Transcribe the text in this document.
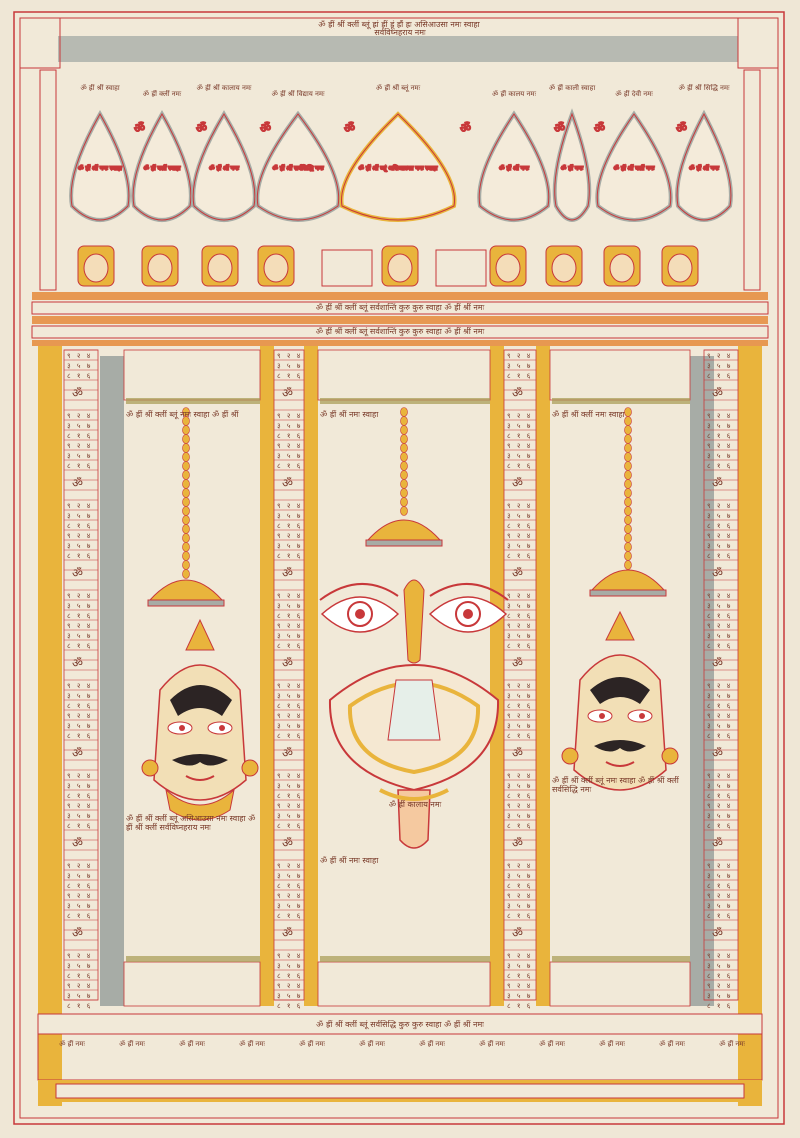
ॐ
ॐ ह्रीं श्रीं नमः स्वाहा
ॐ
ॐ ह्रीं क्लीं स्वाहा
ॐ
ॐ ह्रीं श्रीं नमः
ॐ
ॐ ह्रीं श्रीं सर्वसिद्धि नमः
ॐ
ॐ ह्रीं श्रीं ब्लूं असिआउसा नमः स्वाहा
ॐ
ॐ ह्रीं श्रीं नमः
ॐ
ॐ ह्रीं नमः
ॐ
ॐ ह्रीं श्रीं क्लीं नमः	ॐ ह्रीं श्रीं नमः
ॐ ह्रीं श्रीं क्लीं ब्लूं ह्रां ह्रीं ह्रूं ह्रौं ह्रः असिआउसा नमः स्वाहा
सर्वविघ्नहराय नमः
ॐ ह्रीं श्रीं स्वाहा
ॐ ह्रीं क्लीं नमः
ॐ ह्रीं श्रीं कालाय नमः
ॐ ह्रीं श्रीं विद्याय नमः
ॐ ह्रीं श्रीं ब्लूं नमः
ॐ ह्रीं कालय नमः
ॐ ह्रीं काली स्वाहा
ॐ ह्रीं देवी नमः
ॐ ह्रीं श्रीं सिद्धि नमः
ॐ ह्रीं श्रीं क्लीं ब्लूं सर्वशान्तिं कुरु कुरु स्वाहा ॐ ह्रीं श्रीं नमः
ॐ ह्रीं श्रीं क्लीं ब्लूं सर्वशान्तिं कुरु कुरु स्वाहा ॐ ह्रीं श्रीं नमः
ॐ ह्रीं श्रीं क्लीं ब्लूं नमः स्वाहा ॐ ह्रीं श्रीं
ॐ ह्रीं श्रीं क्लीं ब्लूं असिआउसा नमः स्वाहा ॐ ह्रीं श्रीं क्लीं सर्वविघ्नहराय नमः
ॐ ह्रीं श्रीं नमः स्वाहा
ॐ ह्रीं कालाय नमः
ॐ ह्रीं श्रीं नमः स्वाहा
ॐ ह्रीं श्रीं क्लीं नमः स्वाहा
ॐ ह्रीं श्रीं क्लीं ब्लूं नमः स्वाहा ॐ ह्रीं श्रीं क्लीं सर्वसिद्धि नमः
ॐ ह्रीं श्रीं क्लीं ब्लूं सर्वसिद्धि कुरु कुरु स्वाहा ॐ ह्रीं श्रीं नमः
ॐ ह्रीं नमः	ॐ ह्रीं नमः	ॐ ह्रीं नमः	ॐ ह्रीं नमः	ॐ ह्रीं नमः	ॐ ह्रीं नमः	ॐ ह्रीं नमः	ॐ ह्रीं नमः	ॐ ह्रीं नमः	ॐ ह्रीं नमः	ॐ ह्रीं नमः	ॐ ह्रीं नमः
९ २ ४
३ ५ ७
८ १ ६
ॐ
९ २ ४
३ ५ ७
८ १ ६
९ २ ४
३ ५ ७
८ १ ६
ॐ
९ २ ४
३ ५ ७
८ १ ६
९ २ ४
३ ५ ७
८ १ ६
ॐ
९ २ ४
३ ५ ७
८ १ ६
९ २ ४
३ ५ ७
८ १ ६
ॐ
९ २ ४
३ ५ ७
८ १ ६
९ २ ४
३ ५ ७
८ १ ६
ॐ
९ २ ४
३ ५ ७
८ १ ६
९ २ ४
३ ५ ७
८ १ ६
ॐ
९ २ ४
३ ५ ७
८ १ ६
९ २ ४
३ ५ ७
८ १ ६
ॐ
९ २ ४
३ ५ ७
८ १ ६
९ २ ४
३ ५ ७
८ १ ६
९ २ ४
३ ५ ७
८ १ ६
ॐ
९ २ ४
३ ५ ७
८ १ ६
९ २ ४
३ ५ ७
८ १ ६
ॐ
९ २ ४
३ ५ ७
८ १ ६
९ २ ४
३ ५ ७
८ १ ६
ॐ
९ २ ४
३ ५ ७
८ १ ६
९ २ ४
३ ५ ७
८ १ ६
ॐ
९ २ ४
३ ५ ७
८ १ ६
९ २ ४
३ ५ ७
८ १ ६
ॐ
९ २ ४
३ ५ ७
८ १ ६
९ २ ४
३ ५ ७
८ १ ६
ॐ
९ २ ४
३ ५ ७
८ १ ६
९ २ ४
३ ५ ७
८ १ ६
ॐ
९ २ ४
३ ५ ७
८ १ ६
९ २ ४
३ ५ ७
८ १ ६
९ २ ४
३ ५ ७
८ १ ६
ॐ
९ २ ४
३ ५ ७
८ १ ६
९ २ ४
३ ५ ७
८ १ ६
ॐ
९ २ ४
३ ५ ७
८ १ ६
९ २ ४
३ ५ ७
८ १ ६
ॐ
९ २ ४
३ ५ ७
८ १ ६
९ २ ४
३ ५ ७
८ १ ६
ॐ
९ २ ४
३ ५ ७
८ १ ६
९ २ ४
३ ५ ७
८ १ ६
ॐ
९ २ ४
३ ५ ७
८ १ ६
९ २ ४
३ ५ ७
८ १ ६
ॐ
९ २ ४
३ ५ ७
८ १ ६
९ २ ४
३ ५ ७
८ १ ६
ॐ
९ २ ४
३ ५ ७
८ १ ६
९ २ ४
३ ५ ७
८ १ ६
९ २ ४
३ ५ ७
८ १ ६
ॐ
९ २ ४
३ ५ ७
८ १ ६
९ २ ४
३ ५ ७
८ १ ६
ॐ
९ २ ४
३ ५ ७
८ १ ६
९ २ ४
३ ५ ७
८ १ ६
ॐ
९ २ ४
३ ५ ७
८ १ ६
९ २ ४
३ ५ ७
८ १ ६
ॐ
९ २ ४
३ ५ ७
८ १ ६
९ २ ४
३ ५ ७
८ १ ६
ॐ
९ २ ४
३ ५ ७
८ १ ६
९ २ ४
३ ५ ७
८ १ ६
ॐ
९ २ ४
३ ५ ७
८ १ ६
९ २ ४
३ ५ ७
८ १ ६
ॐ
९ २ ४
३ ५ ७
८ १ ६
९ २ ४
३ ५ ७
८ १ ६
